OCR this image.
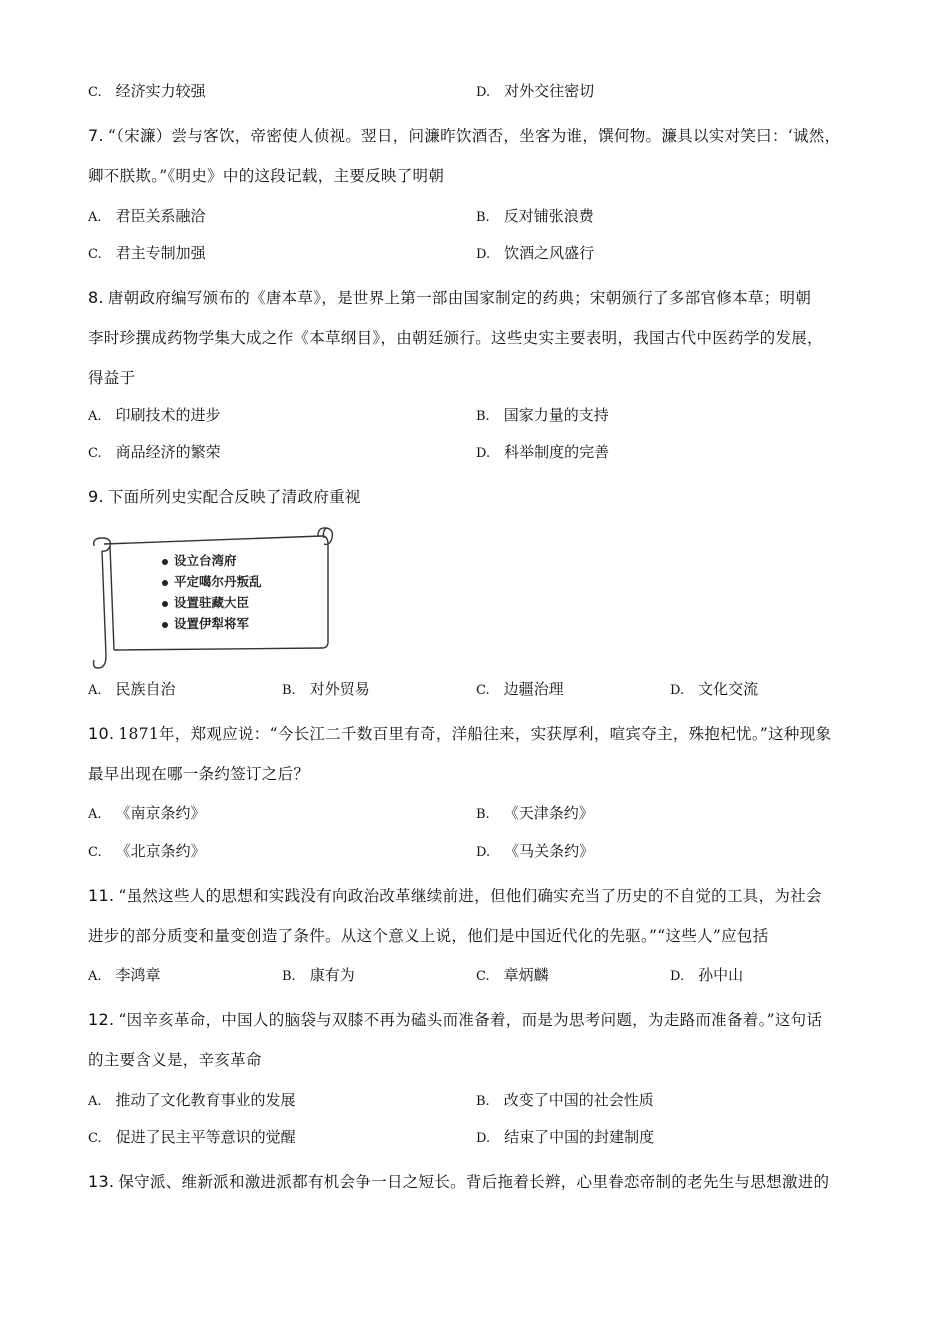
C. 经济实力较强	D. 对外交往密切
7. “（宋濂）尝与客饮，帝密使人侦视。翌日，问濂昨饮酒否，坐客为谁，馔何物。濂具以实对笑曰：‘诚然，
卿不朕欺。”《明史》中的这段记载，主要反映了明朝
A. 君臣关系融洽	B. 反对铺张浪费
C. 君主专制加强	D. 饮酒之风盛行
8. 唐朝政府编写颁布的《唐本草》，是世界上第一部由国家制定的药典；宋朝颁行了多部官修本草；明朝
李时珍撰成药物学集大成之作《本草纲目》，由朝廷颁行。这些史实主要表明，我国古代中医药学的发展，
得益于
A. 印刷技术的进步	B. 国家力量的支持
C. 商品经济的繁荣	D. 科举制度的完善
9. 下面所列史实配合反映了清政府重视
设立台湾府
平定噶尔丹叛乱
设置驻藏大臣
设置伊犁将军
A. 民族自治	B. 对外贸易	C. 边疆治理	D. 文化交流
10. 1871年，郑观应说：“今长江二千数百里有奇，洋船往来，实获厚利，喧宾夺主，殊抱杞忧。”这种现象
最早出现在哪一条约签订之后？
A. 《南京条约》	B. 《天津条约》
C. 《北京条约》	D. 《马关条约》
11. “虽然这些人的思想和实践没有向政治改革继续前进，但他们确实充当了历史的不自觉的工具，为社会
进步的部分质变和量变创造了条件。从这个意义上说，他们是中国近代化的先驱。”“这些人”应包括
A. 李鸿章	B. 康有为	C. 章炳麟	D. 孙中山
12. “因辛亥革命，中国人的脑袋与双膝不再为磕头而准备着，而是为思考问题，为走路而准备着。”这句话
的主要含义是，辛亥革命
A. 推动了文化教育事业的发展	B. 改变了中国的社会性质
C. 促进了民主平等意识的觉醒	D. 结束了中国的封建制度
13. 保守派、维新派和激进派都有机会争一日之短长。背后拖着长辫，心里眷恋帝制的老先生与思想激进的
